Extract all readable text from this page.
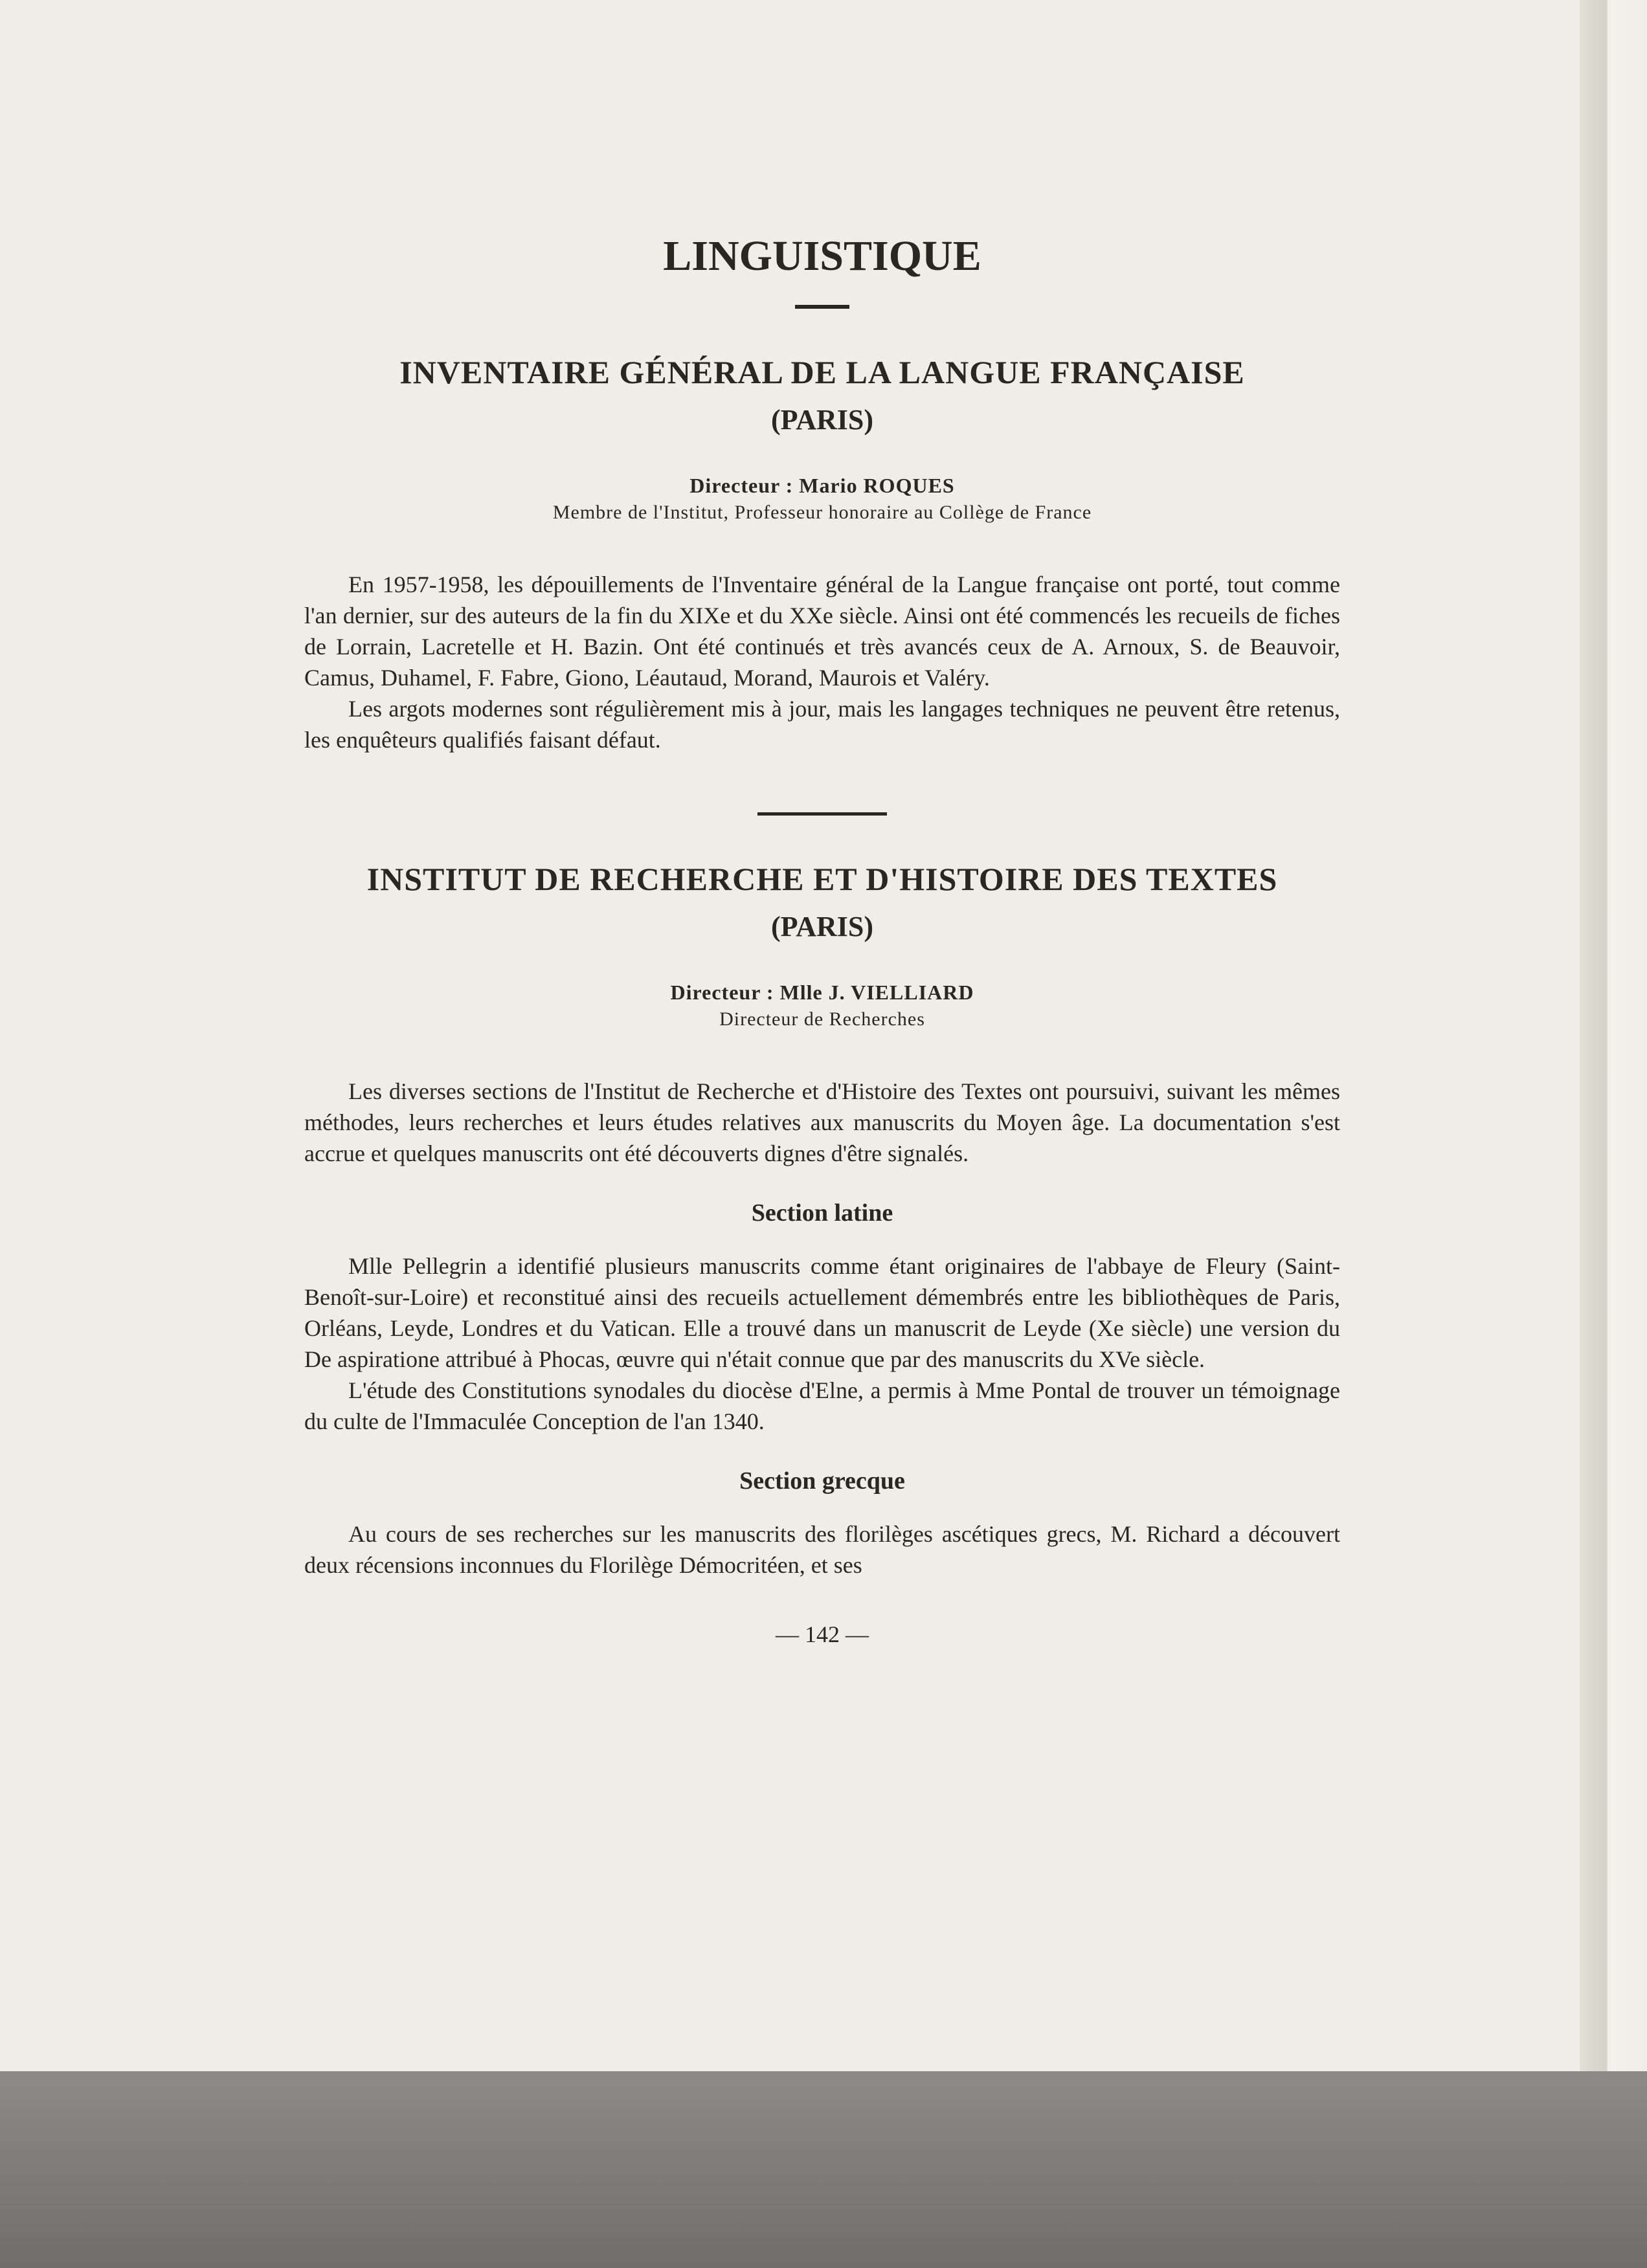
LINGUISTIQUE
INVENTAIRE GÉNÉRAL DE LA LANGUE FRANÇAISE
(PARIS)
Directeur : Mario ROQUES
Membre de l'Institut, Professeur honoraire au Collège de France

En 1957-1958, les dépouillements de l'Inventaire général de la Langue française ont porté, tout comme l'an dernier, sur des auteurs de la fin du XIXe et du XXe siècle. Ainsi ont été commencés les recueils de fiches de Lorrain, Lacretelle et H. Bazin. Ont été continués et très avancés ceux de A. Arnoux, S. de Beauvoir, Camus, Duhamel, F. Fabre, Giono, Léautaud, Morand, Maurois et Valéry.

Les argots modernes sont régulièrement mis à jour, mais les langages techniques ne peuvent être retenus, les enquêteurs qualifiés faisant défaut.

INSTITUT DE RECHERCHE ET D'HISTOIRE DES TEXTES
(PARIS)
Directeur : Mlle J. VIELLIARD
Directeur de Recherches

Les diverses sections de l'Institut de Recherche et d'Histoire des Textes ont poursuivi, suivant les mêmes méthodes, leurs recherches et leurs études relatives aux manuscrits du Moyen âge. La documentation s'est accrue et quelques manuscrits ont été découverts dignes d'être signalés.

Section latine

Mlle Pellegrin a identifié plusieurs manuscrits comme étant originaires de l'abbaye de Fleury (Saint-Benoît-sur-Loire) et reconstitué ainsi des recueils actuellement démembrés entre les bibliothèques de Paris, Orléans, Leyde, Londres et du Vatican. Elle a trouvé dans un manuscrit de Leyde (Xe siècle) une version du De aspiratione attribué à Phocas, œuvre qui n'était connue que par des manuscrits du XVe siècle.

L'étude des Constitutions synodales du diocèse d'Elne, a permis à Mme Pontal de trouver un témoignage du culte de l'Immaculée Conception de l'an 1340.

Section grecque

Au cours de ses recherches sur les manuscrits des florilèges ascétiques grecs, M. Richard a découvert deux récensions inconnues du Florilège Démocritéen, et ses

— 142 —
